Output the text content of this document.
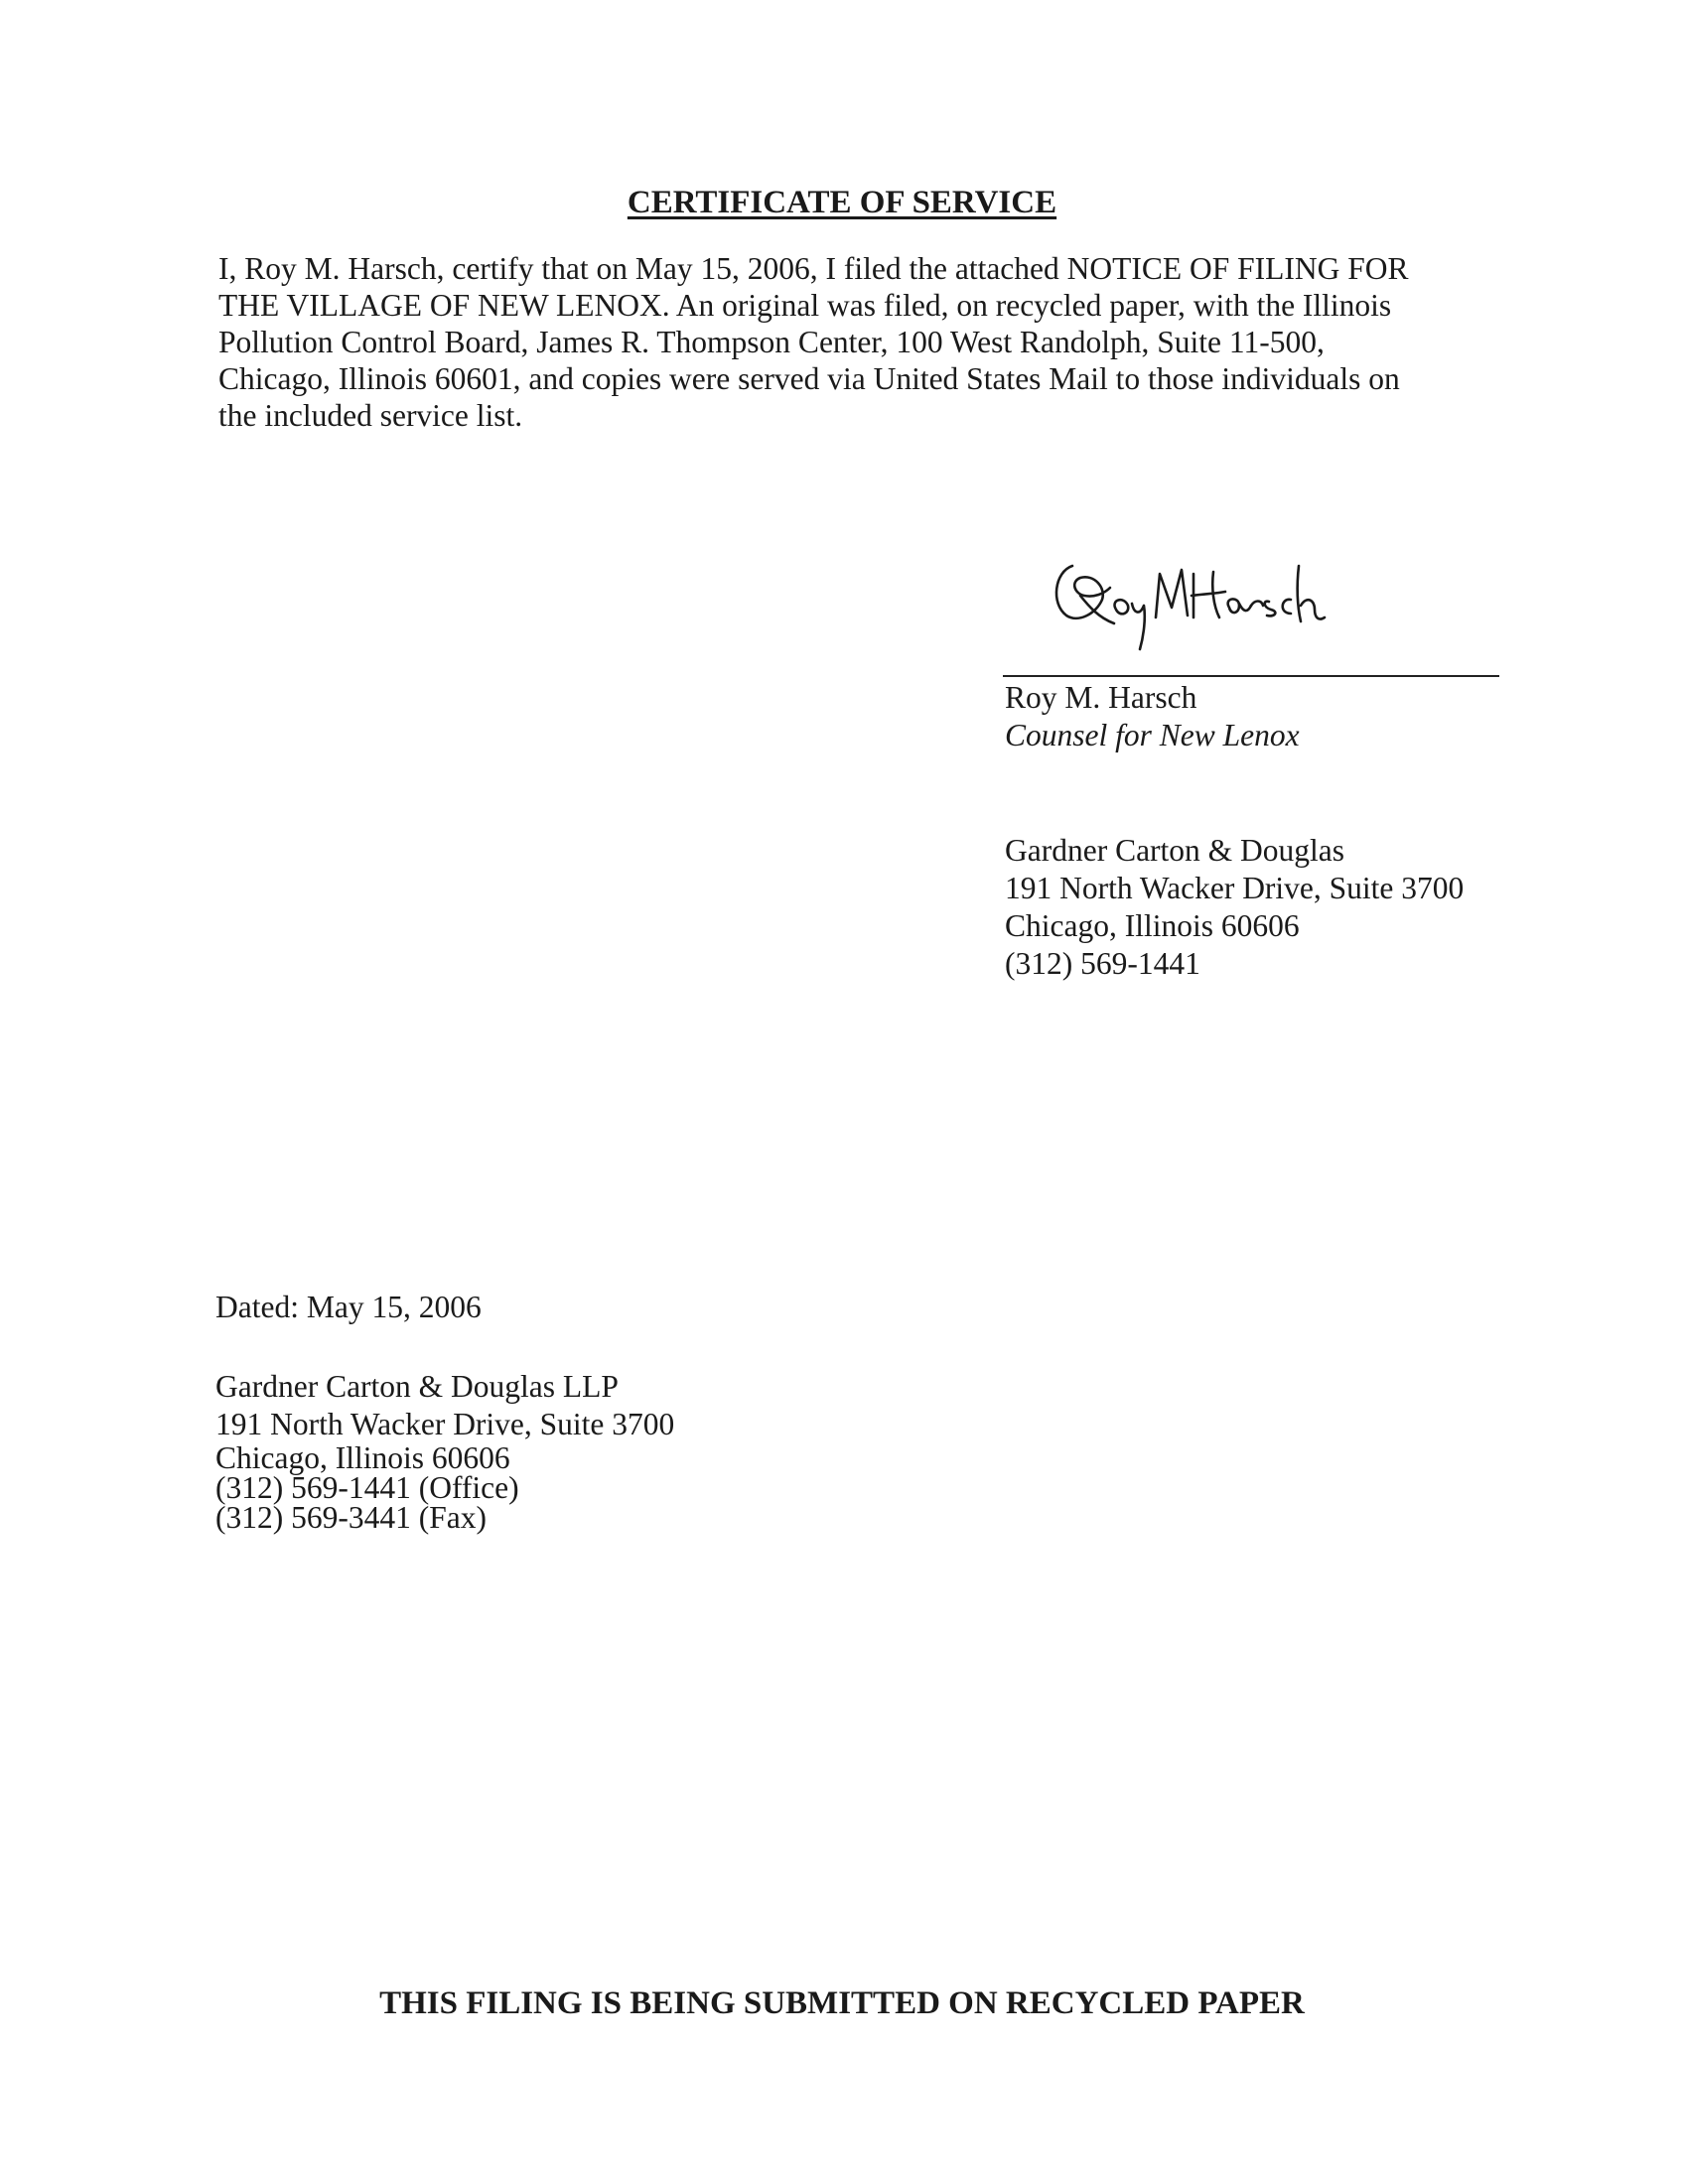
CERTIFICATE OF SERVICE
I, Roy M. Harsch, certify that on May 15, 2006, I filed the attached NOTICE OF FILING FOR
THE VILLAGE OF NEW LENOX. An original was filed, on recycled paper, with the Illinois
Pollution Control Board, James R. Thompson Center, 100 West Randolph, Suite 11-500,
Chicago, Illinois 60601, and copies were served via United States Mail to those individuals on
the included service list.
Roy M. Harsch
Counsel for New Lenox
Gardner Carton & Douglas
191 North Wacker Drive, Suite 3700
Chicago, Illinois 60606
(312) 569-1441
Dated: May 15, 2006
Gardner Carton & Douglas LLP
191 North Wacker Drive, Suite 3700
Chicago, Illinois 60606
(312) 569-1441 (Office)
(312) 569-3441 (Fax)
THIS FILING IS BEING SUBMITTED ON RECYCLED PAPER
